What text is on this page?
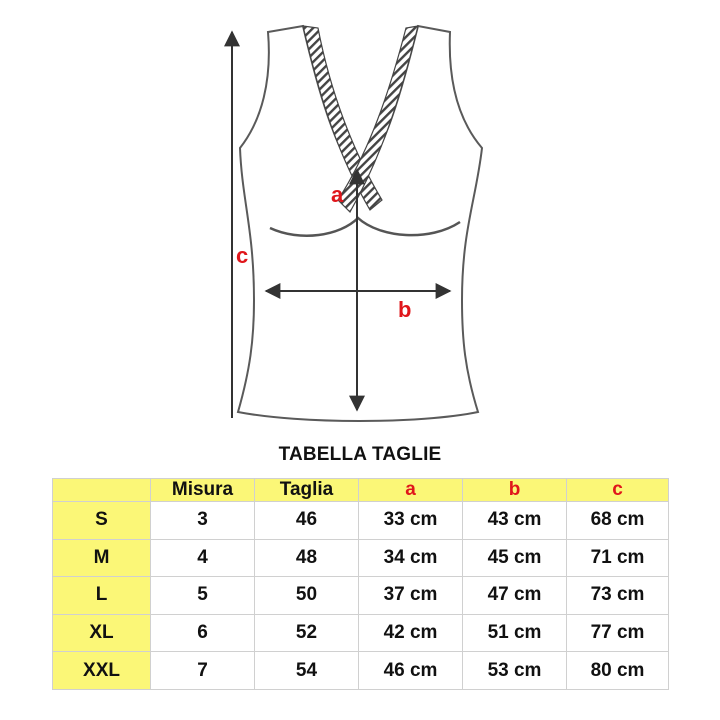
a
b
c
TABELLA TAGLIE
	Misura	Taglia	a	b	c
S	3	46	33 cm	43 cm	68 cm
M	4	48	34 cm	45 cm	71 cm
L	5	50	37 cm	47 cm	73 cm
XL	6	52	42 cm	51 cm	77 cm
XXL	7	54	46 cm	53 cm	80 cm
